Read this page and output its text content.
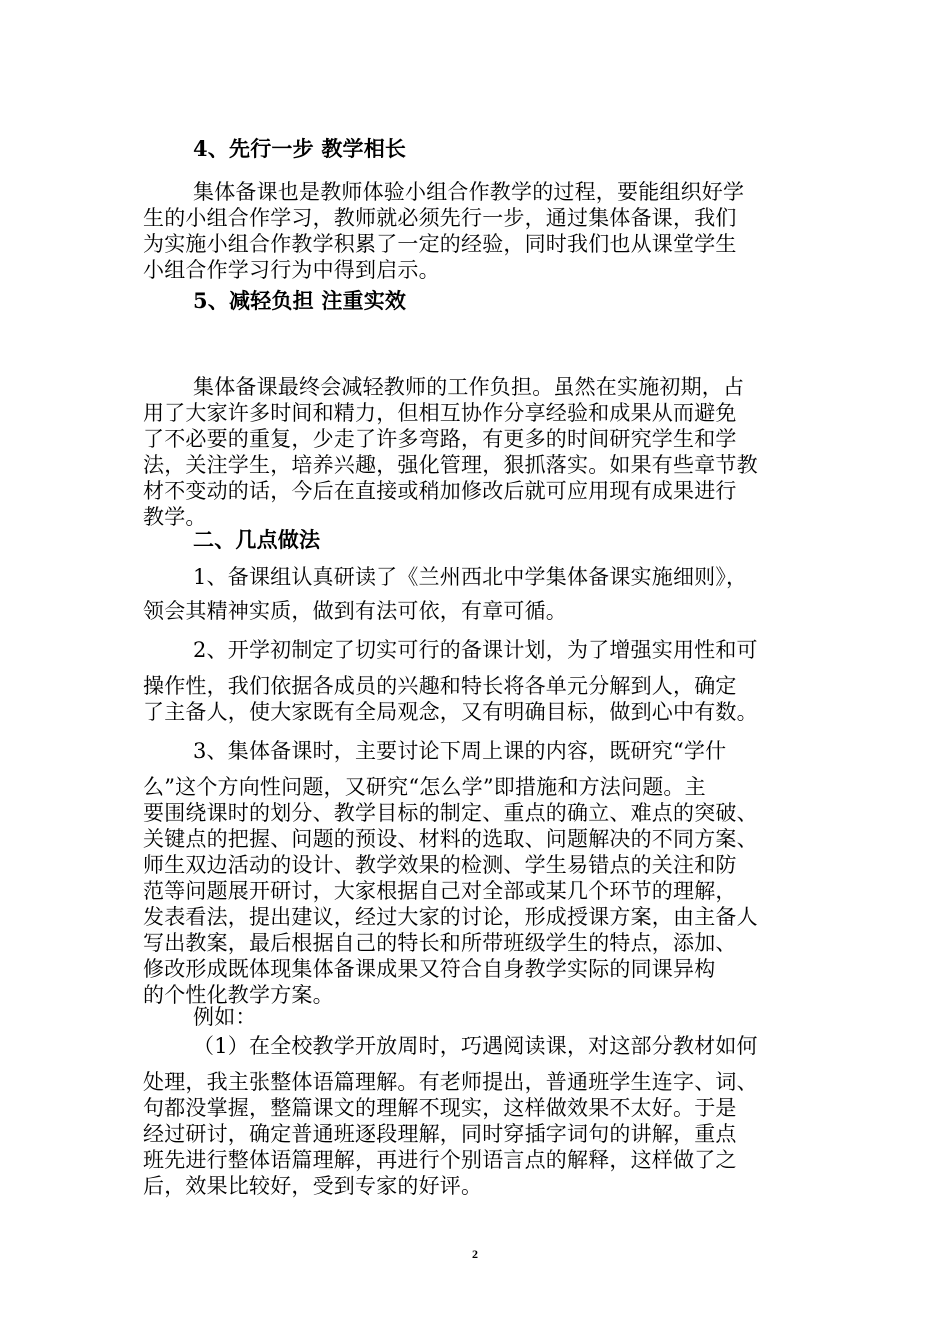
4、先行一步 教学相长
集体备课也是教师体验小组合作教学的过程，要能组织好学
生的小组合作学习，教师就必须先行一步，通过集体备课，我们
为实施小组合作教学积累了一定的经验，同时我们也从课堂学生
小组合作学习行为中得到启示。
5、减轻负担 注重实效
集体备课最终会减轻教师的工作负担。虽然在实施初期，占
用了大家许多时间和精力，但相互协作分享经验和成果从而避免
了不必要的重复，少走了许多弯路，有更多的时间研究学生和学
法，关注学生，培养兴趣，强化管理，狠抓落实。如果有些章节教
材不变动的话，今后在直接或稍加修改后就可应用现有成果进行
教学。
二、几点做法
1、备课组认真研读了《兰州西北中学集体备课实施细则》，
领会其精神实质，做到有法可依，有章可循。
2、开学初制定了切实可行的备课计划，为了增强实用性和可
操作性，我们依据各成员的兴趣和特长将各单元分解到人，确定
了主备人，使大家既有全局观念，又有明确目标，做到心中有数。
3、集体备课时，主要讨论下周上课的内容，既研究“学什
么”这个方向性问题，又研究“怎么学”即措施和方法问题。主
要围绕课时的划分、教学目标的制定、重点的确立、难点的突破、
关键点的把握、问题的预设、材料的选取、问题解决的不同方案、
师生双边活动的设计、教学效果的检测、学生易错点的关注和防
范等问题展开研讨，大家根据自己对全部或某几个环节的理解，
发表看法，提出建议，经过大家的讨论，形成授课方案，由主备人
写出教案，最后根据自己的特长和所带班级学生的特点，添加、
修改形成既体现集体备课成果又符合自身教学实际的同课异构
的个性化教学方案。
例如：
（1）在全校教学开放周时，巧遇阅读课，对这部分教材如何
处理，我主张整体语篇理解。有老师提出，普通班学生连字、词、
句都没掌握，整篇课文的理解不现实，这样做效果不太好。于是
经过研讨，确定普通班逐段理解，同时穿插字词句的讲解，重点
班先进行整体语篇理解，再进行个别语言点的解释，这样做了之
后，效果比较好，受到专家的好评。
2
